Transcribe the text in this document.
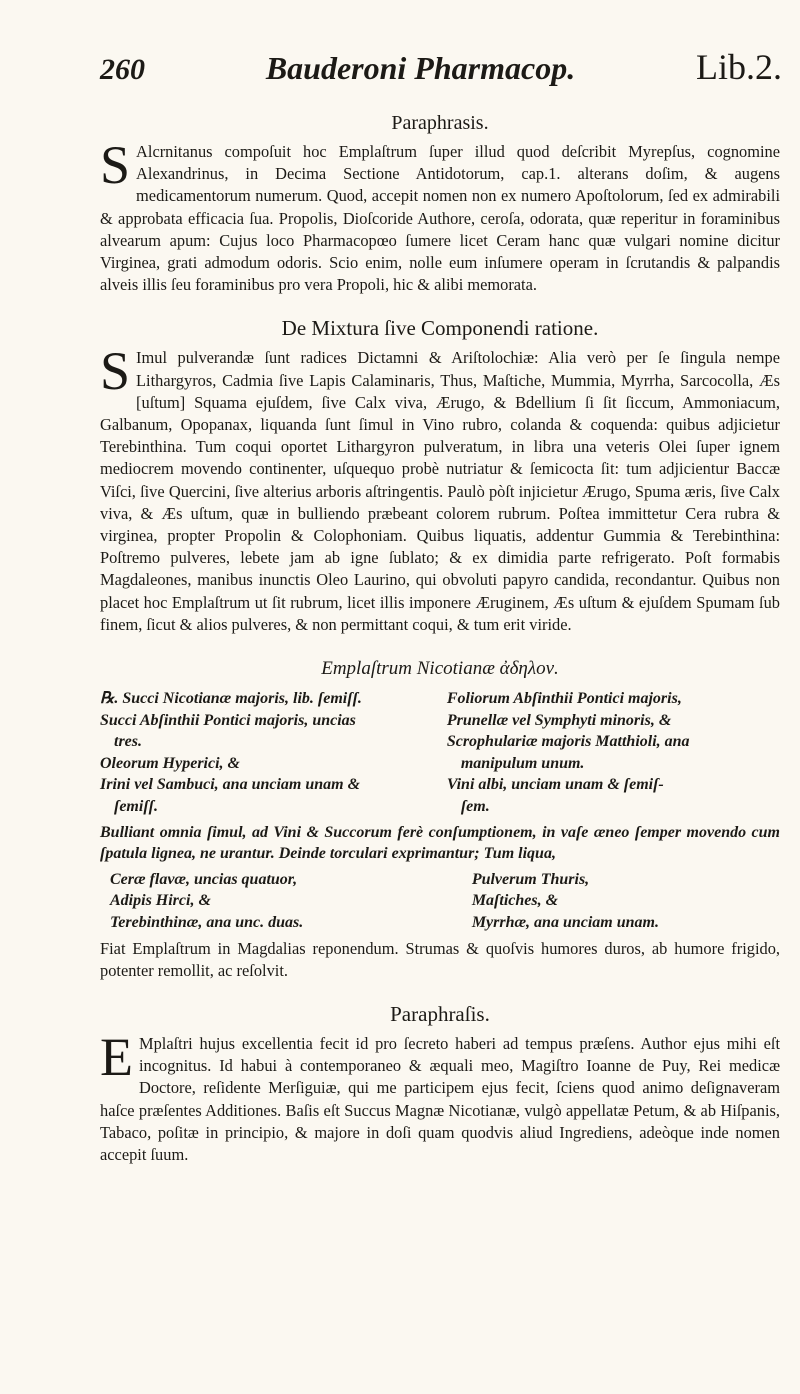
260	Bauderoni Pharmacop.	Lib.2.
Paraphrasis.

S Alcrnitanus compoſuit hoc Emplaſtrum ſuper illud quod deſcribit Myrepſus, cognomine Alexandrinus, in Decima Sectione Antidotorum, cap.1. alterans doſim, & augens medicamentorum numerum. Quod, accepit nomen non ex numero Apoſtolorum, ſed ex admirabili & approbata efficacia ſua. Propolis, Dioſcoride Authore, ceroſa, odorata, quæ reperitur in foraminibus alvearum apum: Cujus loco Pharmacopœo ſumere licet Ceram hanc quæ vulgari nomine dicitur Virginea, grati admodum odoris. Scio enim, nolle eum inſumere operam in ſcrutandis & palpandis alveis illis ſeu foraminibus pro vera Propoli, hic & alibi memorata.

De Mixtura ſive Componendi ratione.

S Imul pulverandæ ſunt radices Dictamni & Ariſtolochiæ: Alia verò per ſe ſingula nempe Lithargyros, Cadmia ſive Lapis Calaminaris, Thus, Maſtiche, Mummia, Myrrha, Sarcocolla, Æs [uſtum] Squama ejuſdem, ſive Calx viva, Ærugo, & Bdellium ſi ſit ſiccum, Ammoniacum, Galbanum, Opopanax, liquanda ſunt ſimul in Vino rubro, colanda & coquenda: quibus adjicietur Terebinthina. Tum coqui oportet Lithargyron pulveratum, in libra una veteris Olei ſuper ignem mediocrem movendo continenter, uſquequo probè nutriatur & ſemicocta ſit: tum adjicientur Baccæ Viſci, ſive Quercini, ſive alterius arboris aſtringentis. Paulò pòſt injicietur Ærugo, Spuma æris, ſive Calx viva, & Æs uſtum, quæ in bulliendo præbeant colorem rubrum. Poſtea immittetur Cera rubra & virginea, propter Propolin & Colophoniam. Quibus liquatis, addentur Gummia & Terebinthina: Poſtremo pulveres, lebete jam ab igne ſublato; & ex dimidia parte refrigerato. Poſt formabis Magdaleones, manibus inunctis Oleo Laurino, qui obvoluti papyro candida, recondantur. Quibus non placet hoc Emplaſtrum ut ſit rubrum, licet illis imponere Æruginem, Æs uſtum & ejuſdem Spumam ſub finem, ſicut & alios pulveres, & non permittant coqui, & tum erit viride.

Emplaſtrum Nicotianæ ἀδηλον.
℞. Succi Nicotianæ majoris, lib. ſemiſſ.
Succi Abſinthii Pontici majoris, uncias
tres.
Oleorum Hyperici, &
Irini vel Sambuci, ana unciam unam &
ſemiſſ.
Foliorum Abſinthii Pontici majoris,
Prunellæ vel Symphyti minoris, &
Scrophulariæ majoris Matthioli, ana
manipulum unum.
Vini albi, unciam unam & ſemiſ-
ſem.

Bulliant omnia ſimul, ad Vini & Succorum ferè conſumptionem, in vaſe æneo ſemper movendo cum ſpatula lignea, ne urantur. Deinde torculari exprimantur; Tum liqua,

Ceræ flavæ, uncias quatuor,
Adipis Hirci, &
Terebinthinæ, ana unc. duas.
Pulverum Thuris,
Maſtiches, &
Myrrhæ, ana unciam unam.

Fiat Emplaſtrum in Magdalias reponendum. Strumas & quoſvis humores duros, ab humore frigido, potenter remollit, ac reſolvit.

Paraphraſis.

E Mplaſtri hujus excellentia fecit id pro ſecreto haberi ad tempus præſens. Author ejus mihi eſt incognitus. Id habui à contemporaneo & æquali meo, Magiſtro Ioanne de Puy, Rei medicæ Doctore, reſidente Merſiguiæ, qui me participem ejus fecit, ſciens quod animo deſignaveram haſce præſentes Additiones. Baſis eſt Succus Magnæ Nicotianæ, vulgò appellatæ Petum, & ab Hiſpanis, Tabaco, poſitæ in principio, & majore in doſi quam quodvis aliud Ingrediens, adeòque inde nomen accepit ſuum.
